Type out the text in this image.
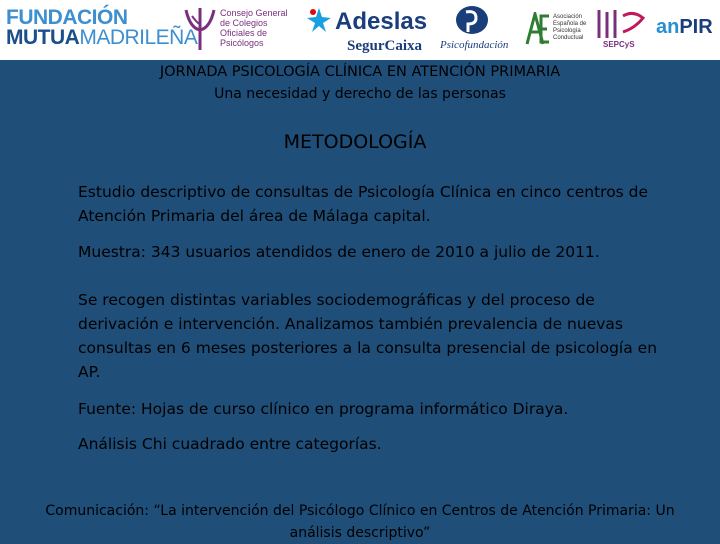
FUNDACIÓN
MUTUAMADRILEÑA
Consejo General de Colegios Oficiales de Psicólogos
Adeslas
SegurCaixa Psicofundación
Asociación Española de Psicología Conductual
SEPCyS
anPIR
JORNADA PSICOLOGÍA CLÍNICA EN ATENCIÓN PRIMARIA
Una necesidad y derecho de las personas
METODOLOGÍA

Estudio descriptivo de consultas de Psicología Clínica en cinco centros de Atención Primaria del área de Málaga capital.

Muestra: 343 usuarios atendidos de enero de 2010 a julio de 2011.

Se recogen distintas variables sociodemográficas y del proceso de derivación e intervención. Analizamos también prevalencia de nuevas consultas en 6 meses posteriores a la consulta presencial de psicología en AP.

Fuente: Hojas de curso clínico en programa informático Diraya.

Análisis Chi cuadrado entre categorías.

Comunicación: “La intervención del Psicólogo Clínico en Centros de Atención Primaria: Un análisis descriptivo”
